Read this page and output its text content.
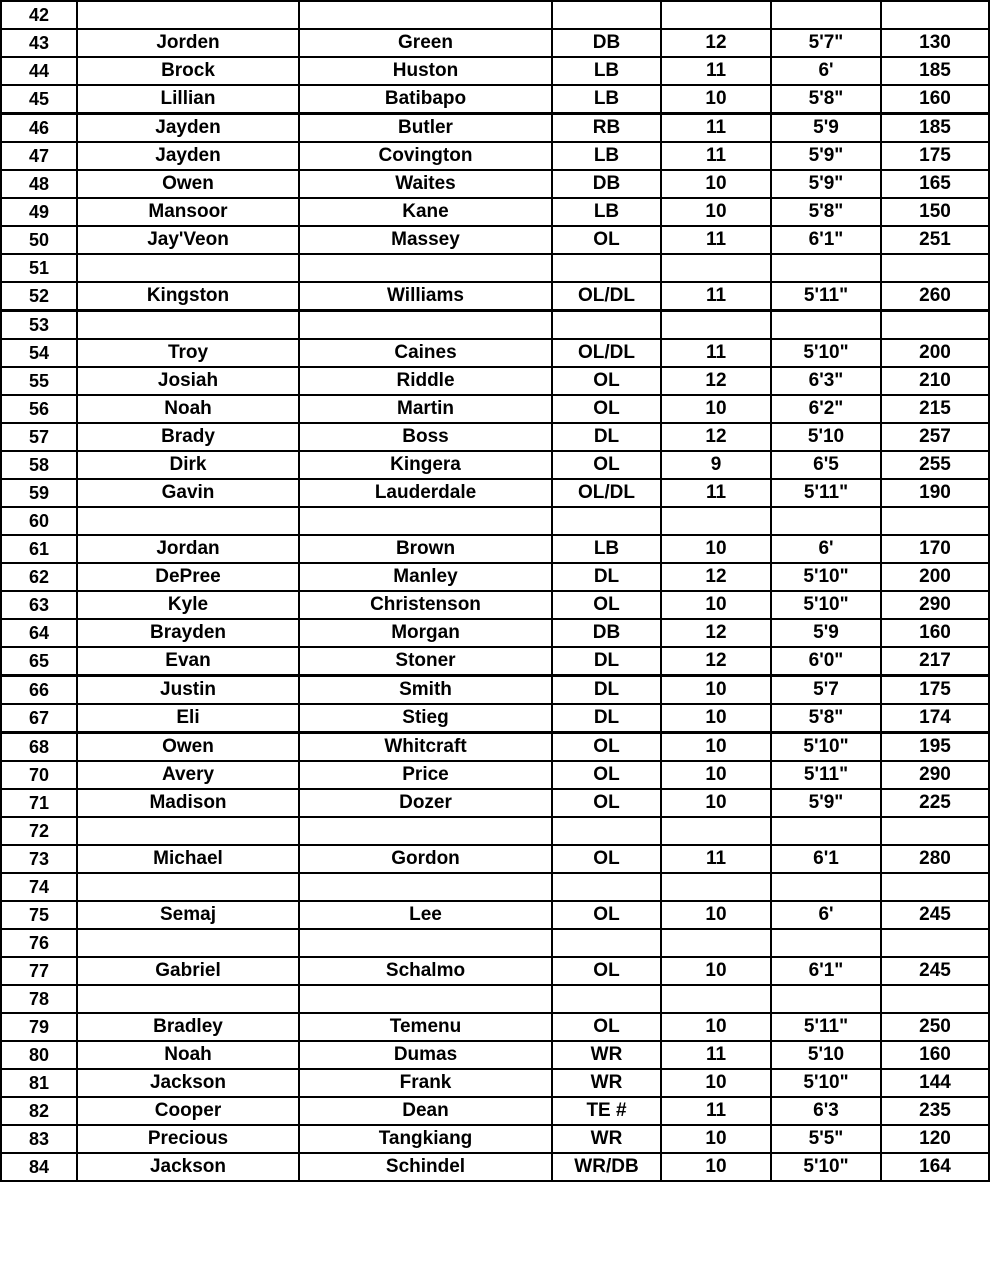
42						
43	Jorden	Green	DB	12	5'7"	130
44	Brock	Huston	LB	11	6'	185
45	Lillian	Batibapo	LB	10	5'8"	160
46	Jayden	Butler	RB	11	5'9	185
47	Jayden	Covington	LB	11	5'9"	175
48	Owen	Waites	DB	10	5'9"	165
49	Mansoor	Kane	LB	10	5'8"	150
50	Jay'Veon	Massey	OL	11	6'1"	251
51						
52	Kingston	Williams	OL/DL	11	5'11"	260
53						
54	Troy	Caines	OL/DL	11	5'10"	200
55	Josiah	Riddle	OL	12	6'3"	210
56	Noah	Martin	OL	10	6'2"	215
57	Brady	Boss	DL	12	5'10	257
58	Dirk	Kingera	OL	9	6'5	255
59	Gavin	Lauderdale	OL/DL	11	5'11"	190
60						
61	Jordan	Brown	LB	10	6'	170
62	DePree	Manley	DL	12	5'10"	200
63	Kyle	Christenson	OL	10	5'10"	290
64	Brayden	Morgan	DB	12	5'9	160
65	Evan	Stoner	DL	12	6'0"	217
66	Justin	Smith	DL	10	5'7	175
67	Eli	Stieg	DL	10	5'8"	174
68	Owen	Whitcraft	OL	10	5'10"	195
70	Avery	Price	OL	10	5'11"	290
71	Madison	Dozer	OL	10	5'9"	225
72						
73	Michael	Gordon	OL	11	6'1	280
74						
75	Semaj	Lee	OL	10	6'	245
76						
77	Gabriel	Schalmo	OL	10	6'1"	245
78						
79	Bradley	Temenu	OL	10	5'11"	250
80	Noah	Dumas	WR	11	5'10	160
81	Jackson	Frank	WR	10	5'10"	144
82	Cooper	Dean	TE #	11	6'3	235
83	Precious	Tangkiang	WR	10	5'5"	120
84	Jackson	Schindel	WR/DB	10	5'10"	164
